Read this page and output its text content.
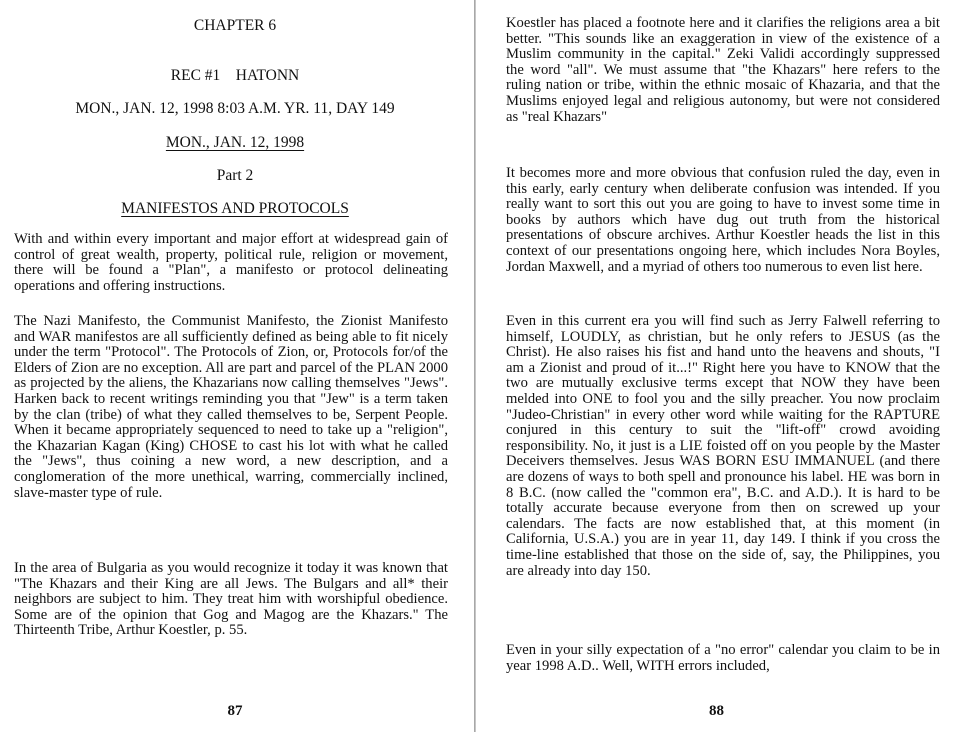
CHAPTER 6
REC #1    HATONN
MON., JAN. 12, 1998 8:03 A.M. YR. 11, DAY 149
MON., JAN. 12, 1998
Part 2
MANIFESTOS AND PROTOCOLS

With and within every important and major effort at widespread gain of control of great wealth, property, political rule, religion or movement, there will be found a "Plan", a manifesto or protocol delineating operations and offering instructions.

The Nazi Manifesto, the Communist Manifesto, the Zionist Manifesto and WAR manifestos are all sufficiently defined as being able to fit nicely under the term "Protocol". The Protocols of Zion, or, Protocols for/of the Elders of Zion are no exception. All are part and parcel of the PLAN 2000 as projected by the aliens, the Khazarians now calling themselves "Jews". Harken back to recent writings reminding you that "Jew" is a term taken by the clan (tribe) of what they called themselves to be, Serpent People. When it became appropriately sequenced to need to take up a "religion", the Khazarian Kagan (King) CHOSE to cast his lot with what he called the "Jews", thus coining a new word, a new description, and a conglomeration of the more unethical, warring, commercially inclined, slave-master type of rule.

In the area of Bulgaria as you would recognize it today it was known that "The Khazars and their King are all Jews. The Bulgars and all* their neighbors are subject to him. They treat him with worshipful obedience. Some are of the opinion that Gog and Magog are the Khazars." The Thirteenth Tribe, Arthur Koestler, p. 55.

87

Koestler has placed a footnote here and it clarifies the religions area a bit better. "This sounds like an exaggeration in view of the existence of a Muslim community in the capital." Zeki Validi accordingly suppressed the word "all". We must assume that "the Khazars" here refers to the ruling nation or tribe, within the ethnic mosaic of Khazaria, and that the Muslims enjoyed legal and religious autonomy, but were not considered as "real Khazars"

It becomes more and more obvious that confusion ruled the day, even in this early, early century when deliberate confusion was intended. If you really want to sort this out you are going to have to invest some time in books by authors which have dug out truth from the historical presentations of obscure archives. Arthur Koestler heads the list in this context of our presentations ongoing here, which includes Nora Boyles, Jordan Maxwell, and a myriad of others too numerous to even list here.

Even in this current era you will find such as Jerry Falwell referring to himself, LOUDLY, as christian, but he only refers to JESUS (as the Christ). He also raises his fist and hand unto the heavens and shouts, "I am a Zionist and proud of it...!" Right here you have to KNOW that the two are mutually exclusive terms except that NOW they have been melded into ONE to fool you and the silly preacher. You now proclaim "Judeo-Christian" in every other word while waiting for the RAPTURE conjured in this century to suit the "lift-off" crowd avoiding responsibility. No, it just is a LIE foisted off on you people by the Master Deceivers themselves. Jesus WAS BORN ESU IMMANUEL (and there are dozens of ways to both spell and pronounce his label. HE was born in 8 B.C. (now called the "common era", B.C. and A.D.). It is hard to be totally accurate because everyone from then on screwed up your calendars. The facts are now established that, at this moment (in California, U.S.A.) you are in year 11, day 149. I think if you cross the time-line established that those on the side of, say, the Philippines, you are already into day 150.

Even in your silly expectation of a "no error" calendar you claim to be in year 1998 A.D.. Well, WITH errors included,

88
